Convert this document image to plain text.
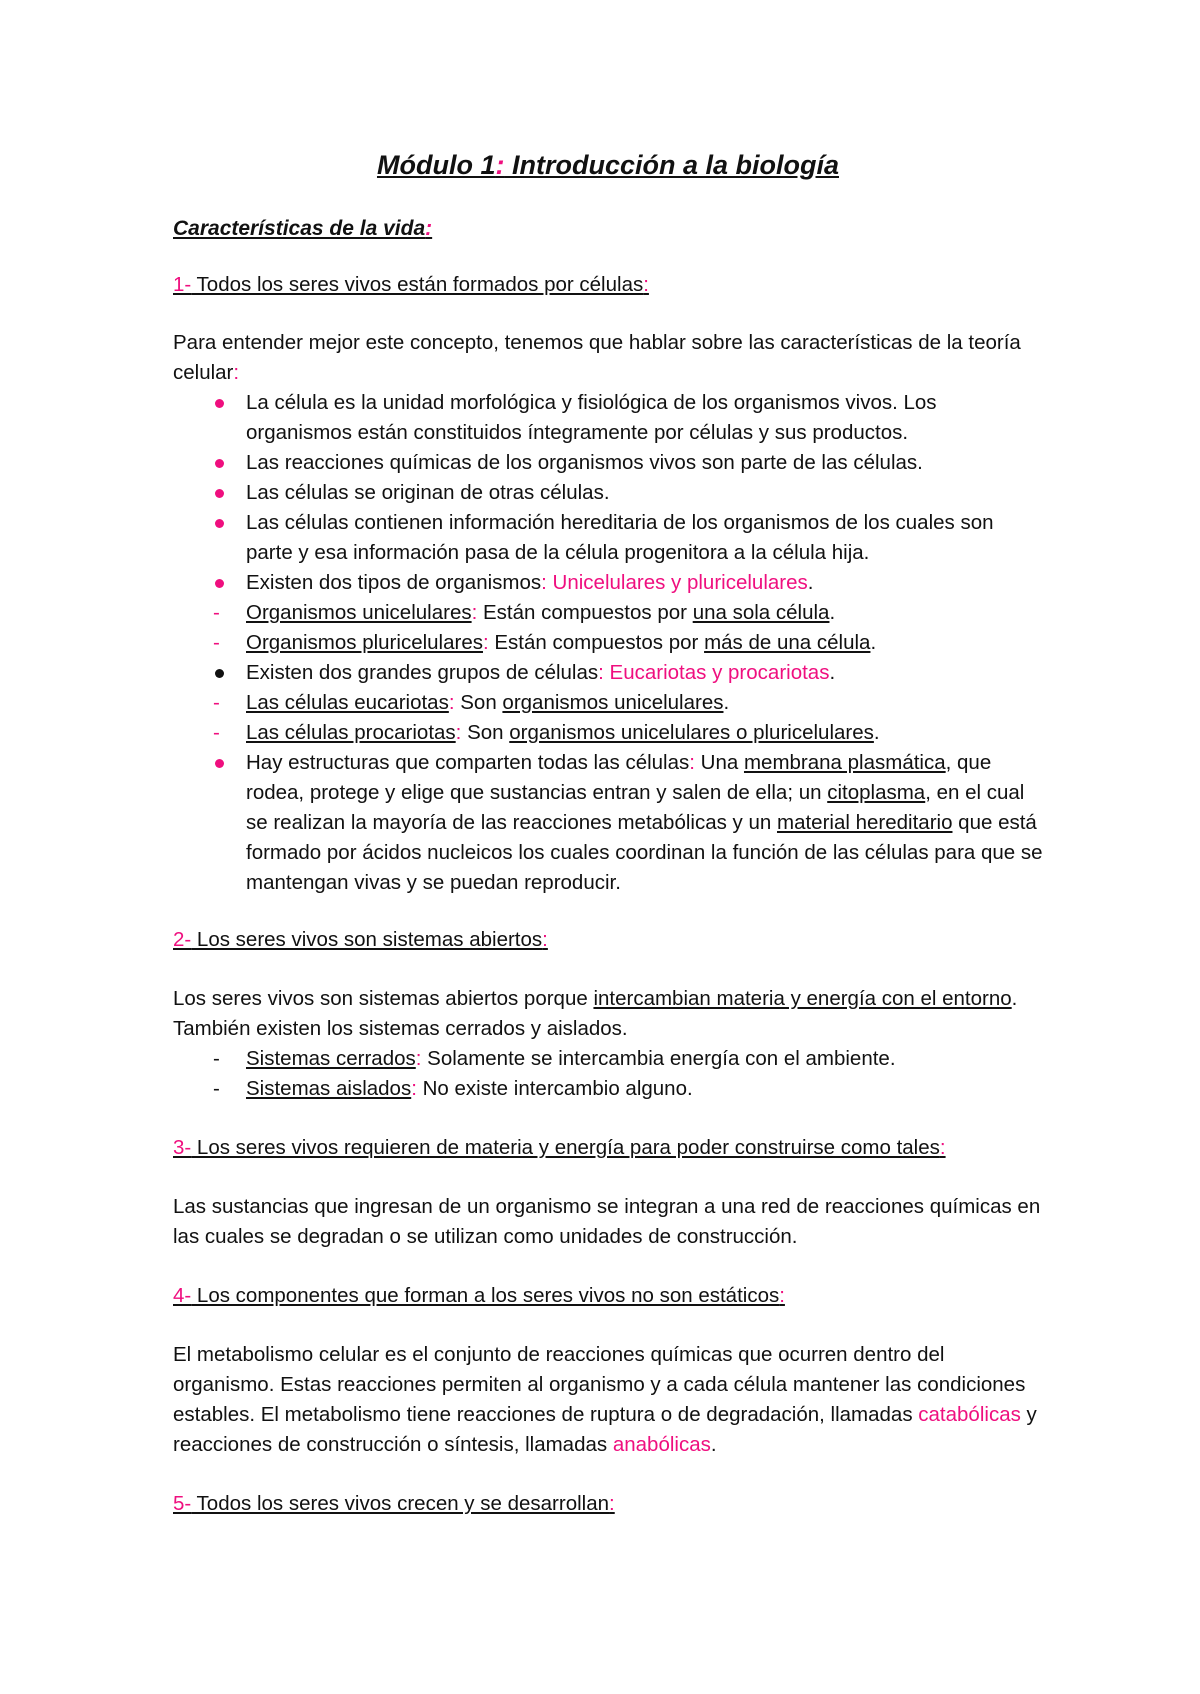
Módulo 1: Introducción a la biología
Características de la vida:
1- Todos los seres vivos están formados por células:
Para entender mejor este concepto, tenemos que hablar sobre las características de la teoría celular:
La célula es la unidad morfológica y fisiológica de los organismos vivos. Los organismos están constituidos íntegramente por células y sus productos.
Las reacciones químicas de los organismos vivos son parte de las células.
Las células se originan de otras células.
Las células contienen información hereditaria de los organismos de los cuales son parte y esa información pasa de la célula progenitora a la célula hija.
Existen dos tipos de organismos: Unicelulares y pluricelulares.
- Organismos unicelulares: Están compuestos por una sola célula.
- Organismos pluricelulares: Están compuestos por más de una célula.
Existen dos grandes grupos de células: Eucariotas y procariotas.
- Las células eucariotas: Son organismos unicelulares.
- Las células procariotas: Son organismos unicelulares o pluricelulares.
Hay estructuras que comparten todas las células: Una membrana plasmática, que rodea, protege y elige que sustancias entran y salen de ella; un citoplasma, en el cual se realizan la mayoría de las reacciones metabólicas y un material hereditario que está formado por ácidos nucleicos los cuales coordinan la función de las células para que se mantengan vivas y se puedan reproducir.
2- Los seres vivos son sistemas abiertos:
Los seres vivos son sistemas abiertos porque intercambian materia y energía con el entorno. También existen los sistemas cerrados y aislados.
- Sistemas cerrados: Solamente se intercambia energía con el ambiente.
- Sistemas aislados: No existe intercambio alguno.
3- Los seres vivos requieren de materia y energía para poder construirse como tales:
Las sustancias que ingresan de un organismo se integran a una red de reacciones químicas en las cuales se degradan o se utilizan como unidades de construcción.
4- Los componentes que forman a los seres vivos no son estáticos:
El metabolismo celular es el conjunto de reacciones químicas que ocurren dentro del organismo. Estas reacciones permiten al organismo y a cada célula mantener las condiciones estables. El metabolismo tiene reacciones de ruptura o de degradación, llamadas catabólicas y reacciones de construcción o síntesis, llamadas anabólicas.
5- Todos los seres vivos crecen y se desarrollan:
